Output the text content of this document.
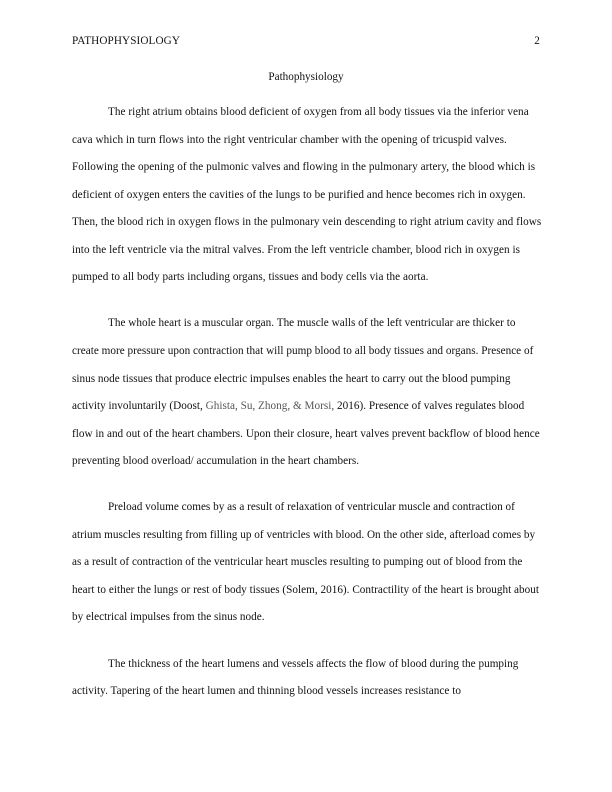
PATHOPHYSIOLOGY	2
Pathophysiology

The right atrium obtains blood deficient of oxygen from all body tissues via the inferior vena cava which in turn flows into the right ventricular chamber with the opening of tricuspid valves. Following the opening of the pulmonic valves and flowing in the pulmonary artery, the blood which is deficient of oxygen enters the cavities of the lungs to be purified and hence becomes rich in oxygen. Then, the blood rich in oxygen flows in the pulmonary vein descending to right atrium cavity and flows into the left ventricle via the mitral valves. From the left ventricle chamber, blood rich in oxygen is pumped to all body parts including organs, tissues and body cells via the aorta.

The whole heart is a muscular organ. The muscle walls of the left ventricular are thicker to create more pressure upon contraction that will pump blood to all body tissues and organs. Presence of sinus node tissues that produce electric impulses enables the heart to carry out the blood pumping activity involuntarily (Doost, Ghista, Su, Zhong, & Morsi, 2016). Presence of valves regulates blood flow in and out of the heart chambers. Upon their closure, heart valves prevent backflow of blood hence preventing blood overload/ accumulation in the heart chambers.

Preload volume comes by as a result of relaxation of ventricular muscle and contraction of atrium muscles resulting from filling up of ventricles with blood. On the other side, afterload comes by as a result of contraction of the ventricular heart muscles resulting to pumping out of blood from the heart to either the lungs or rest of body tissues (Solem, 2016). Contractility of the heart is brought about by electrical impulses from the sinus node.

The thickness of the heart lumens and vessels affects the flow of blood during the pumping activity. Tapering of the heart lumen and thinning blood vessels increases resistance to
